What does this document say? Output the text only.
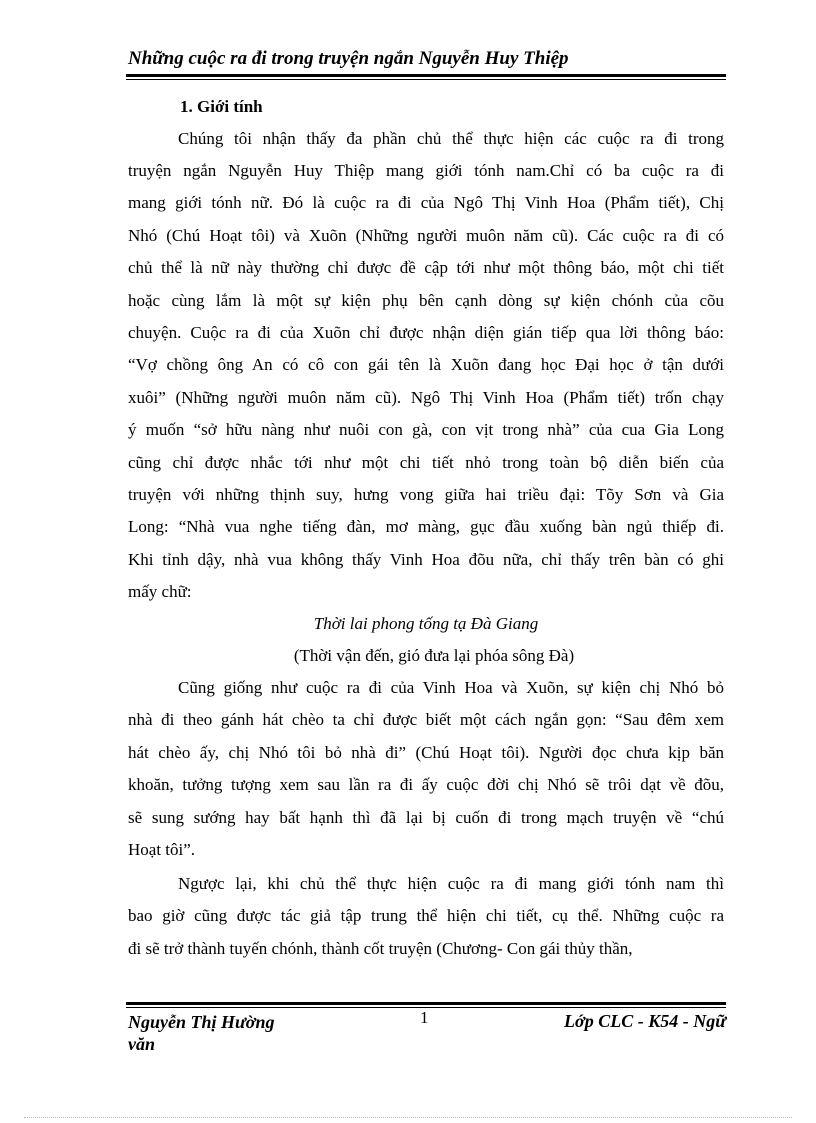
Những cuộc ra đi trong truyện ngắn Nguyễn Huy Thiệp
1. Giới tính
Chúng tôi nhận thấy đa phần chủ thể thực hiện các cuộc ra đi trong
truyện ngắn Nguyễn Huy Thiệp mang giới tónh nam.Chỉ có ba cuộc ra đi
mang giới tónh nữ. Đó là cuộc ra đi của Ngô Thị Vinh Hoa (Phẩm tiết), Chị
Nhó (Chú Hoạt tôi) và Xuõn (Những người muôn năm cũ). Các cuộc ra đi có
chủ thể là nữ này thường chỉ được đề cập tới như một thông báo, một chi tiết
hoặc cùng lắm là một sự kiện phụ bên cạnh dòng sự kiện chónh của cõu
chuyện. Cuộc ra đi của Xuõn chỉ được nhận diện gián tiếp qua lời thông báo:
“Vợ chồng ông An có cô con gái tên là Xuõn đang học Đại học ở tận dưới
xuôi” (Những người muôn năm cũ). Ngô Thị Vinh Hoa (Phẩm tiết) trốn chạy
ý muốn “sở hữu nàng như nuôi con gà, con vịt trong nhà” của cua Gia Long
cũng chỉ được nhắc tới như một chi tiết nhỏ trong toàn bộ diễn biến của
truyện với những thịnh suy, hưng vong giữa hai triều đại: Tõy Sơn và Gia
Long: “Nhà vua nghe tiếng đàn, mơ màng, gục đầu xuống bàn ngủ thiếp đi.
Khi tỉnh dậy, nhà vua không thấy Vinh Hoa đõu nữa, chỉ thấy trên bàn có ghi
mấy chữ:
Thời lai phong tống tạ Đà Giang
(Thời vận đến, gió đưa lại phóa sông Đà)
Cũng giống như cuộc ra đi của Vinh Hoa và Xuõn, sự kiện chị Nhó bỏ
nhà đi theo gánh hát chèo ta chỉ được biết một cách ngắn gọn: “Sau đêm xem
hát chèo ấy, chị Nhó tôi bỏ nhà đi” (Chú Hoạt tôi). Người đọc chưa kịp băn
khoăn, tưởng tượng xem sau lần ra đi ấy cuộc đời chị Nhó sẽ trôi dạt về đõu,
sẽ sung sướng hay bất hạnh thì đã lại bị cuốn đi trong mạch truyện về “chú
Hoạt tôi”.
Ngược lại, khi chủ thể thực hiện cuộc ra đi mang giới tónh nam thì
bao giờ cũng được tác giả tập trung thể hiện chi tiết, cụ thể. Những cuộc ra
đi sẽ trở thành tuyến chónh, thành cốt truyện (Chương- Con gái thủy thần,
Nguyễn Thị Hường
văn
1	Lớp CLC - K54 - Ngữ
